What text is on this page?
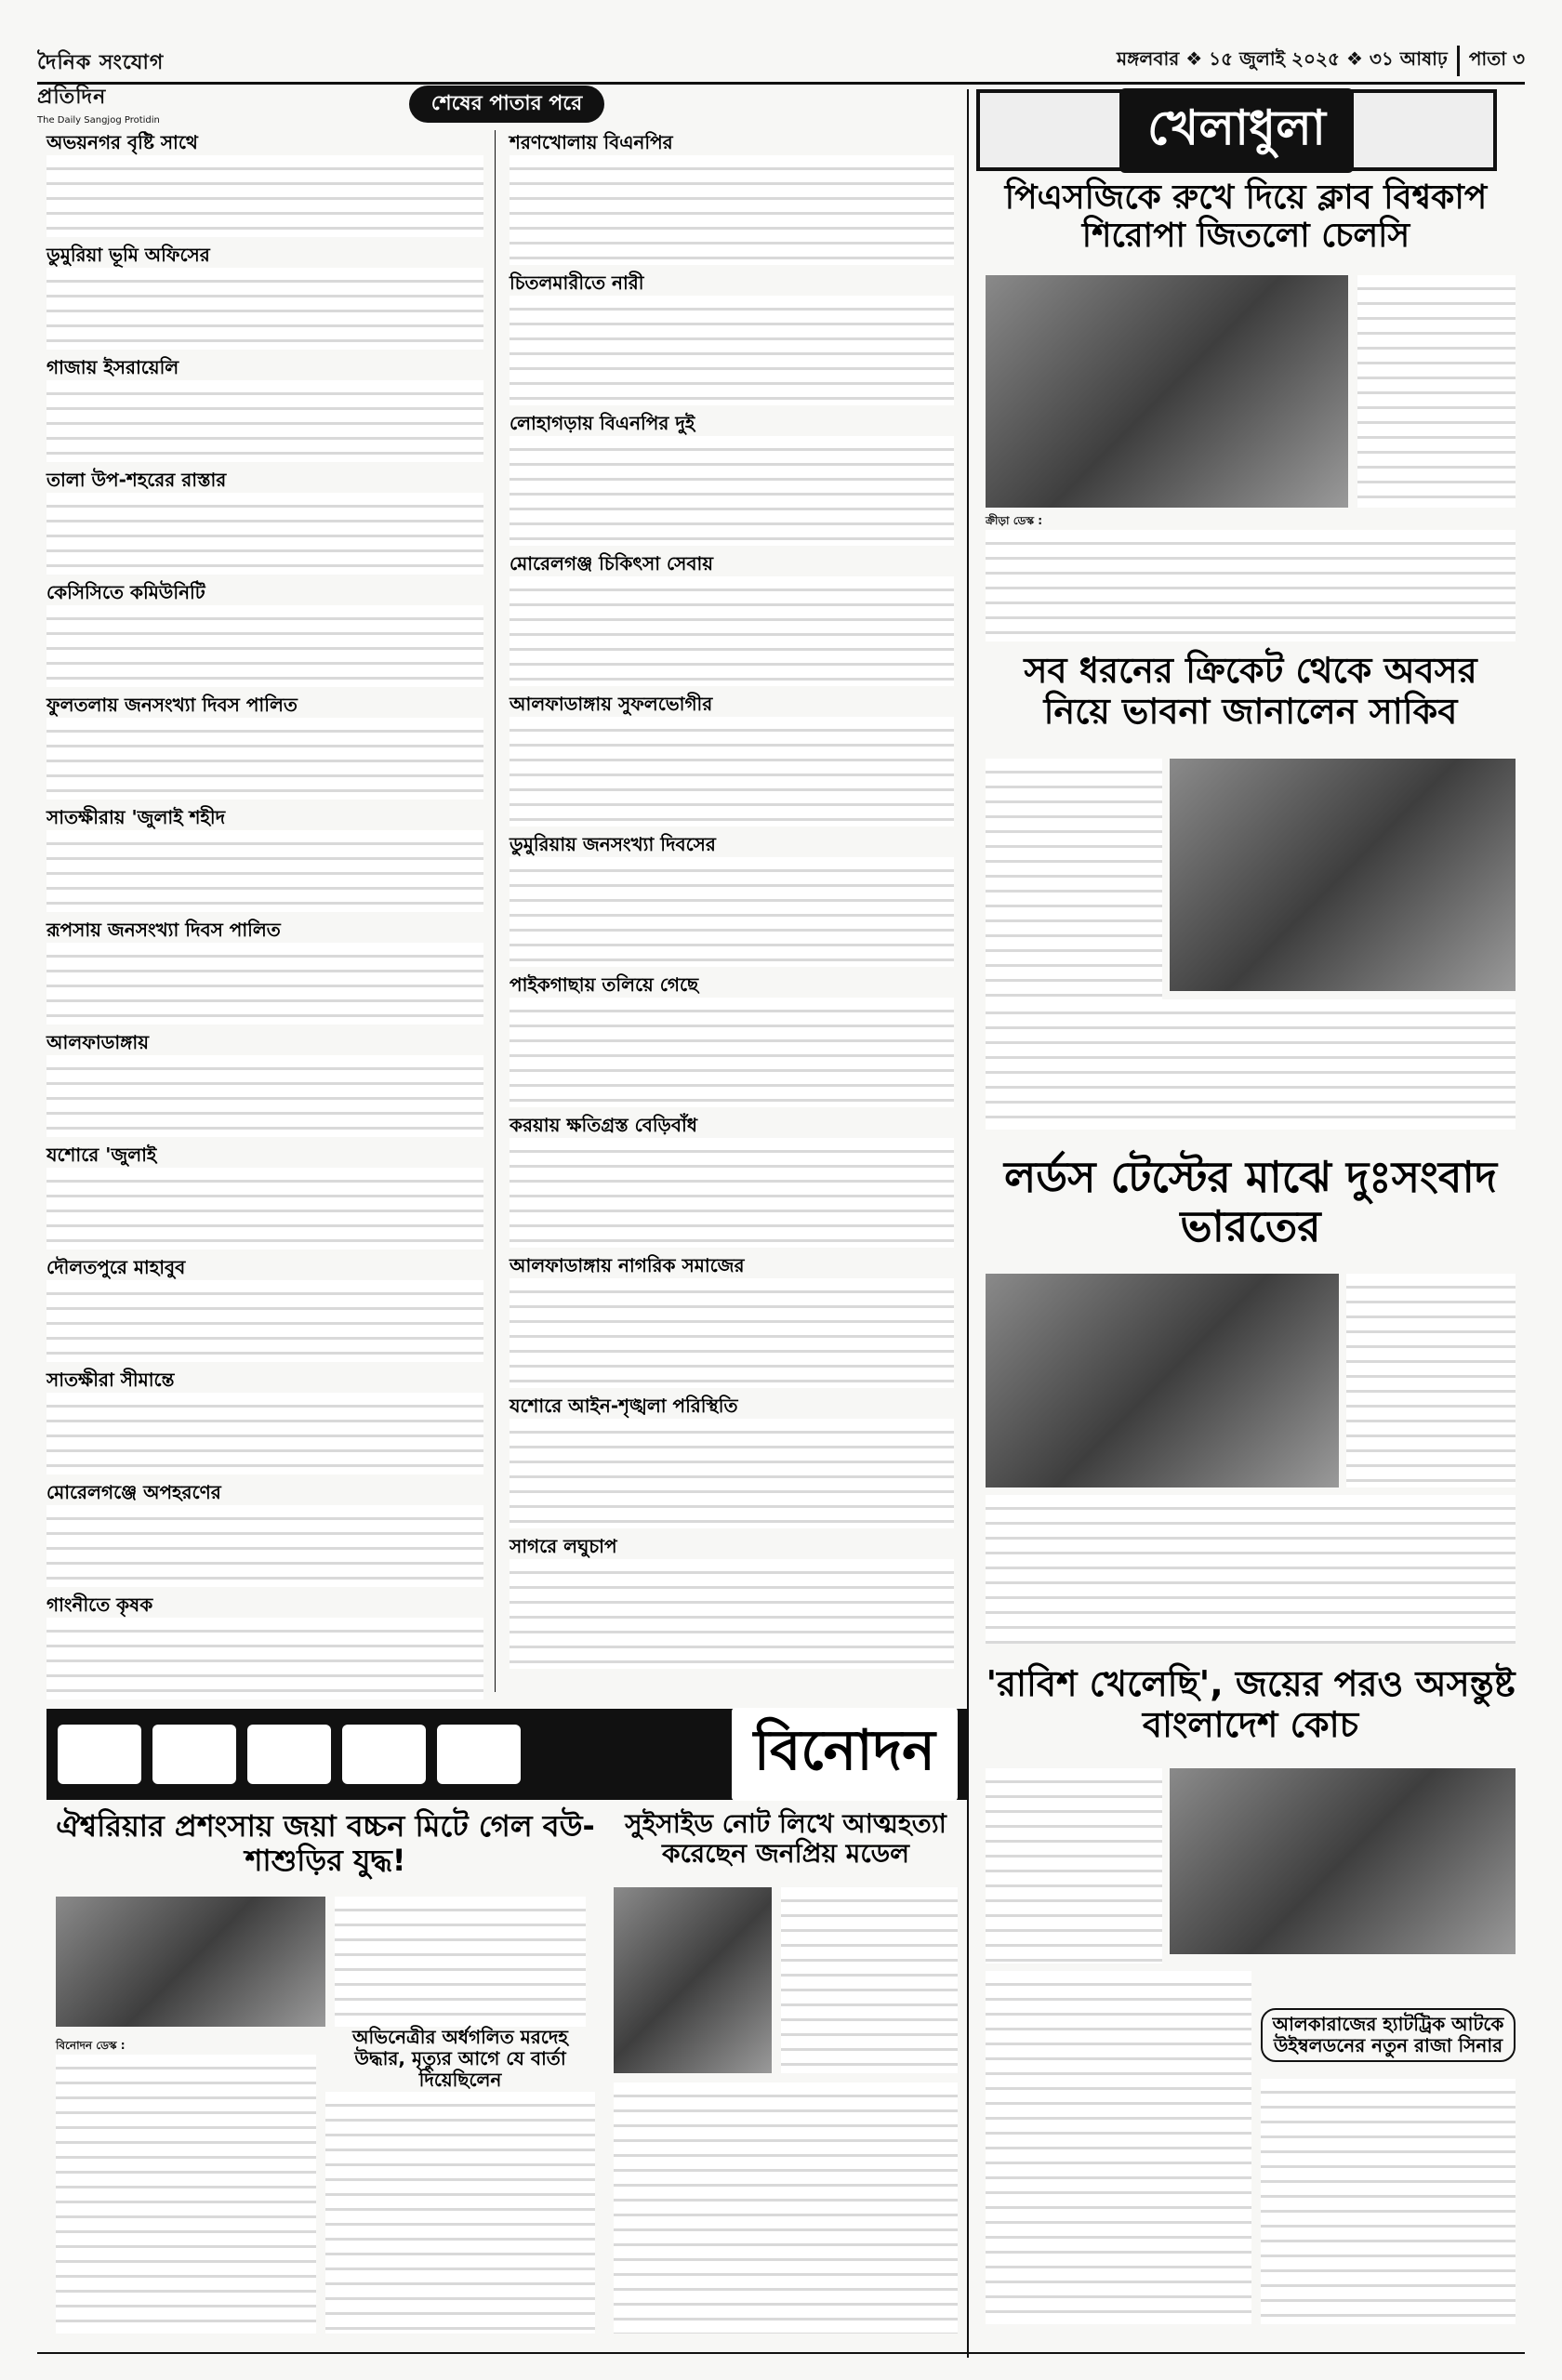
দৈনিক সংযোগ প্রতিদিন
The Daily Sangjog Protidin
মঙ্গলবার ❖ ১৫ জুলাই ২০২৫ ❖ ৩১ আষাঢ়	পাতা ৩
শেষের পাতার পরে
অভয়নগর বৃষ্টি সাথে
ডুমুরিয়া ভূমি অফিসের
গাজায় ইসরায়েলি
তালা উপ-শহরের রাস্তার
কেসিসিতে কমিউনিটি
ফুলতলায় জনসংখ্যা দিবস পালিত
সাতক্ষীরায় 'জুলাই শহীদ
রূপসায় জনসংখ্যা দিবস পালিত
আলফাডাঙ্গায়
যশোরে 'জুলাই
দৌলতপুরে মাহাবুব
সাতক্ষীরা সীমান্তে
মোরেলগঞ্জে অপহরণের
গাংনীতে কৃষক
শরণখোলায় বিএনপির
চিতলমারীতে নারী
লোহাগড়ায় বিএনপির দুই
মোরেলগঞ্জ চিকিৎসা সেবায়
আলফাডাঙ্গায় সুফলভোগীর
ডুমুরিয়ায় জনসংখ্যা দিবসের
পাইকগাছায় তলিয়ে গেছে
করয়ায় ক্ষতিগ্রস্ত বেড়িবাঁধ
আলফাডাঙ্গায় নাগরিক সমাজের
যশোরে আইন-শৃঙ্খলা পরিস্থিতি
সাগরে লঘুচাপ
খেলাধুলা
পিএসজিকে রুখে দিয়ে ক্লাব বিশ্বকাপ শিরোপা জিতলো চেলসি
ক্রীড়া ডেস্ক :
সব ধরনের ক্রিকেট থেকে অবসর নিয়ে ভাবনা জানালেন সাকিব
লর্ডস টেস্টের মাঝে দুঃসংবাদ ভারতের
'রাবিশ খেলেছি', জয়ের পরও অসন্তুষ্ট বাংলাদেশ কোচ
আলকারাজের হ্যাটট্রিক আটকে উইম্বলডনের নতুন রাজা সিনার
বিনোদন
ঐশ্বরিয়ার প্রশংসায় জয়া বচ্চন মিটে গেল বউ-শাশুড়ির যুদ্ধ!
বিনোদন ডেস্ক :	অভিনেত্রীর অর্ধগলিত মরদেহ উদ্ধার, মৃত্যুর আগে যে বার্তা দিয়েছিলেন
সুইসাইড নোট লিখে আত্মহত্যা করেছেন জনপ্রিয় মডেল
